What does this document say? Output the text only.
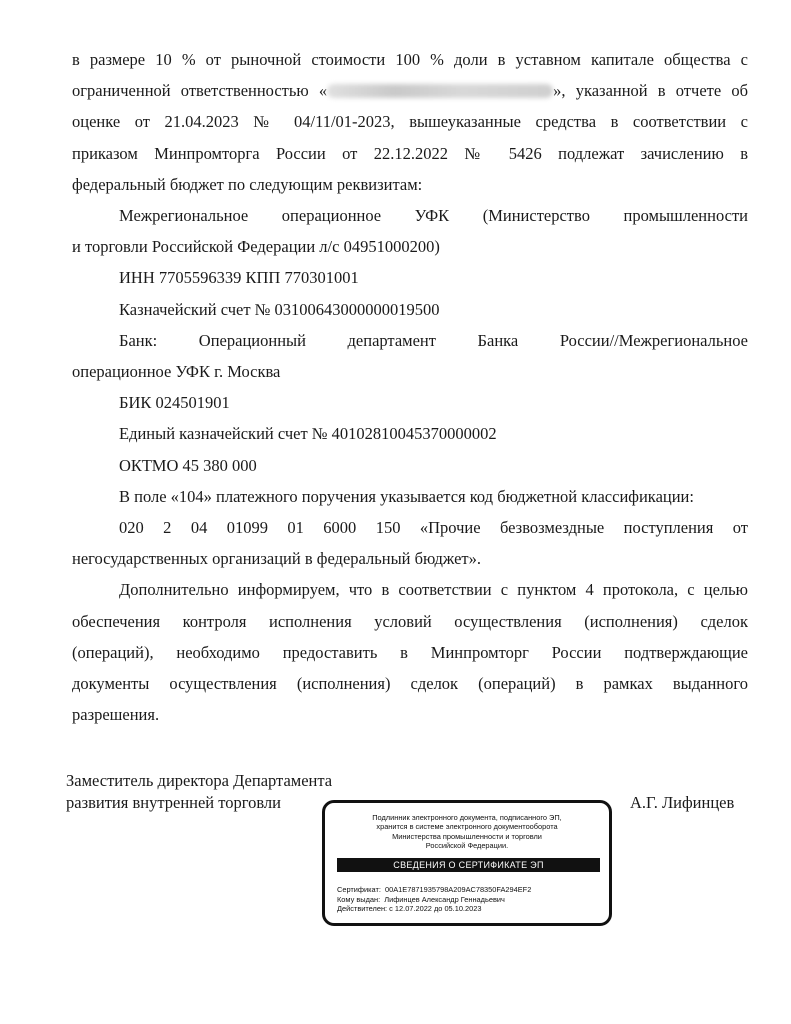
в размере 10 % от рыночной стоимости 100 % доли в уставном капитале общества с
ограниченной ответственностью «	», указанной в отчете об
оценке от 21.04.2023 № 04/11/01-2023, вышеуказанные средства в соответствии с
приказом Минпромторга России от 22.12.2022 № 5426 подлежат зачислению в
федеральный бюджет по следующим реквизитам:

Межрегиональное операционное УФК (Министерство промышленности
и торговли Российской Федерации л/с 04951000200)

ИНН 7705596339 КПП 770301001

Казначейский счет № 03100643000000019500

Банк: Операционный департамент Банка России//Межрегиональное
операционное УФК г. Москва

БИК 024501901

Единый казначейский счет № 40102810045370000002

ОКТМО 45 380 000

В поле «104» платежного поручения указывается код бюджетной классификации:

020 2 04 01099 01 6000 150 «Прочие безвозмездные поступления от
негосударственных организаций в федеральный бюджет».

Дополнительно информируем, что в соответствии с пунктом 4 протокола, с целью
обеспечения контроля исполнения условий осуществления (исполнения) сделок
(операций), необходимо предоставить в Минпромторг России подтверждающие
документы осуществления (исполнения) сделок (операций) в рамках выданного
разрешения.

Заместитель директора Департамента
развития внутренней торговли	А.Г. Лифинцев
Подлинник электронного документа, подписанного ЭП,
хранится в системе электронного документооборота
Министерства промышленности и торговли
Российской Федерации.
СВЕДЕНИЯ О СЕРТИФИКАТЕ ЭП
Сертификат: 00A1E7871935798A209AC78350FA294EF2
Кому выдан: Лифинцев Александр Геннадьевич
Действителен: с 12.07.2022 до 05.10.2023
